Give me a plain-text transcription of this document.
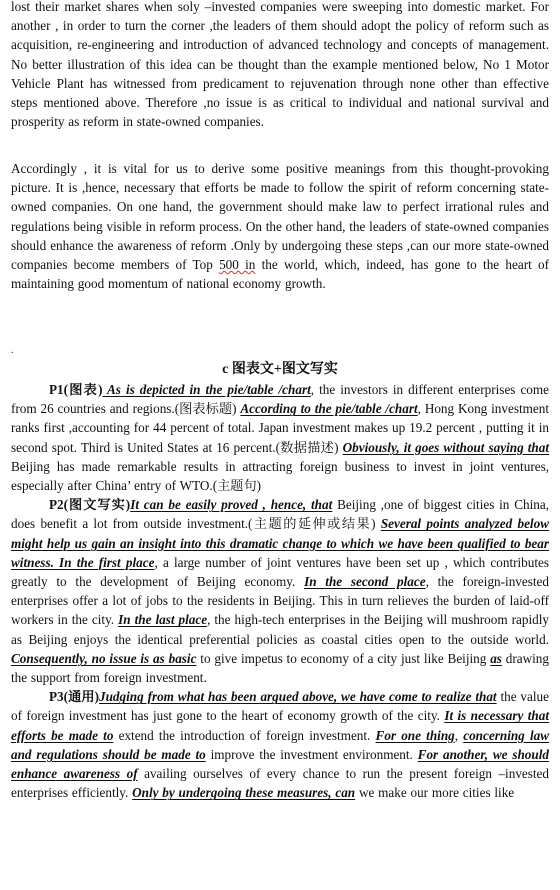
lost their market shares when soly –invested companies were sweeping into domestic market. For another , in order to turn the corner ,the leaders of them should adopt the policy of reform such as acquisition, re-engineering and introduction of advanced technology and concepts of management. No better illustration of this idea can be thought than the example mentioned below, No 1 Motor Vehicle Plant has witnessed from predicament to rejuvenation through none other than effective steps mentioned above. Therefore ,no issue is as critical to individual and national survival and prosperity as reform in state-owned companies.

Accordingly , it is vital for us to derive some positive meanings from this thought-provoking picture. It is ,hence, necessary that efforts be made to follow the spirit of reform concerning state-owned companies. On one hand, the government should make law to perfect irrational rules and regulations being visible in reform process. On the other hand, the leaders of state-owned companies should enhance the awareness of reform .Only by undergoing these steps ,can our more state-owned companies become members of Top 500 in the world, which, indeed, has gone to the heart of maintaining good momentum of national economy growth.

.
c 图表文+图文写实

P1(图表) As is depicted in the pie/table /chart, the investors in different enterprises come from 26 countries and regions.(图表标题) According to the pie/table /chart, Hong Kong investment ranks first ,accounting for 44 percent of total. Japan investment makes up 19.2 percent , putting it in second spot. Third is United States at 16 percent.(数据描述) Obviously, it goes without saying that Beijing has made remarkable results in attracting foreign business to invest in joint ventures, especially after China’ entry of WTO.(主题句)
P2(图文写实)It can be easily proved , hence, that Beijing ,one of biggest cities in China, does benefit a lot from outside investment.(主题的延伸或结果) Several points analyzed below might help us gain an insight into this dramatic change to which we have been qualified to bear witness. In the first place, a large number of joint ventures have been set up , which contributes greatly to the development of Beijing economy. In the second place, the foreign-invested enterprises offer a lot of jobs to the residents in Beijing. This in turn relieves the burden of laid-off workers in the city. In the last place, the high-tech enterprises in the Beijing will mushroom rapidly as Beijing enjoys the identical preferential policies as coastal cities open to the outside world. Consequently, no issue is as basic to give impetus to economy of a city just like Beijing as drawing the support from foreign investment.
P3(通用)Judging from what has been argued above, we have come to realize that the value of foreign investment has just gone to the heart of economy growth of the city. It is necessary that efforts be made to extend the introduction of foreign investment. For one thing, concerning law and regulations should be made to improve the investment environment. For another, we should enhance awareness of availing ourselves of every chance to run the present foreign –invested enterprises efficiently. Only by undergoing these measures, can we make our more cities like
